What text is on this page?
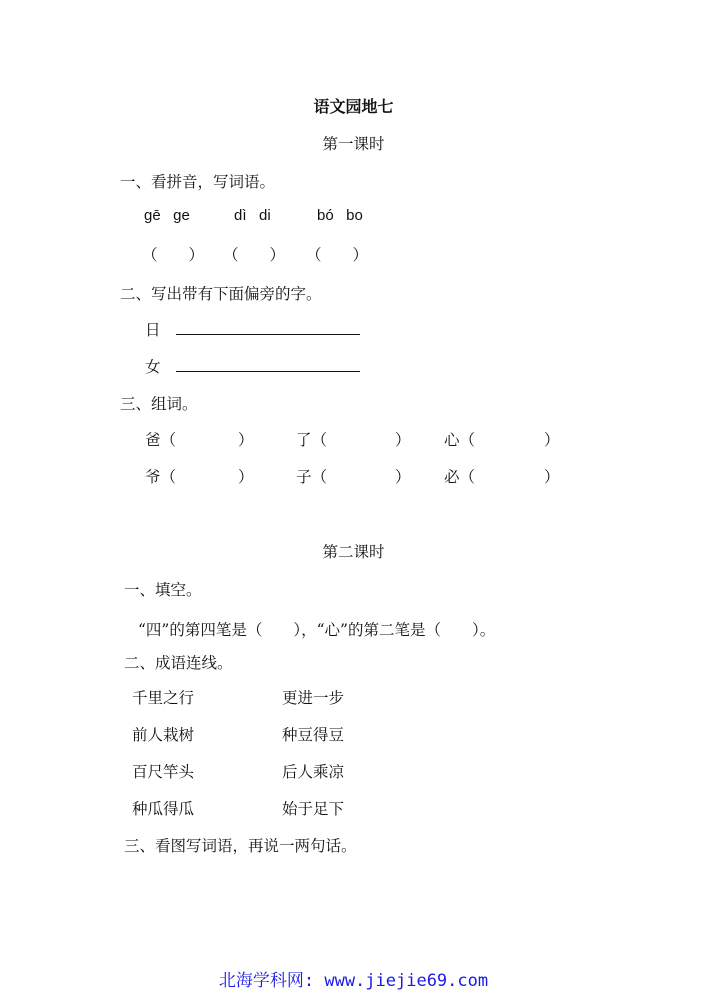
语文园地七
第一课时
一、看拼音，写词语。
gē   ge	dì   di	bó   bo
（　　） （　　） （　　）
二、写出带有下面偏旁的字。
日
女
三、组词。
爸（	）	了（	） 心（	）
爷（	）	子（	） 必（	）
第二课时
一、填空。
“四”的第四笔是（　　），“心”的第二笔是（　　）。
二、成语连线。
千里之行	更进一步
前人栽树	种豆得豆
百尺竿头	后人乘凉
种瓜得瓜	始于足下
三、看图写词语，再说一两句话。
北海学科网: www.jiejie69.com
